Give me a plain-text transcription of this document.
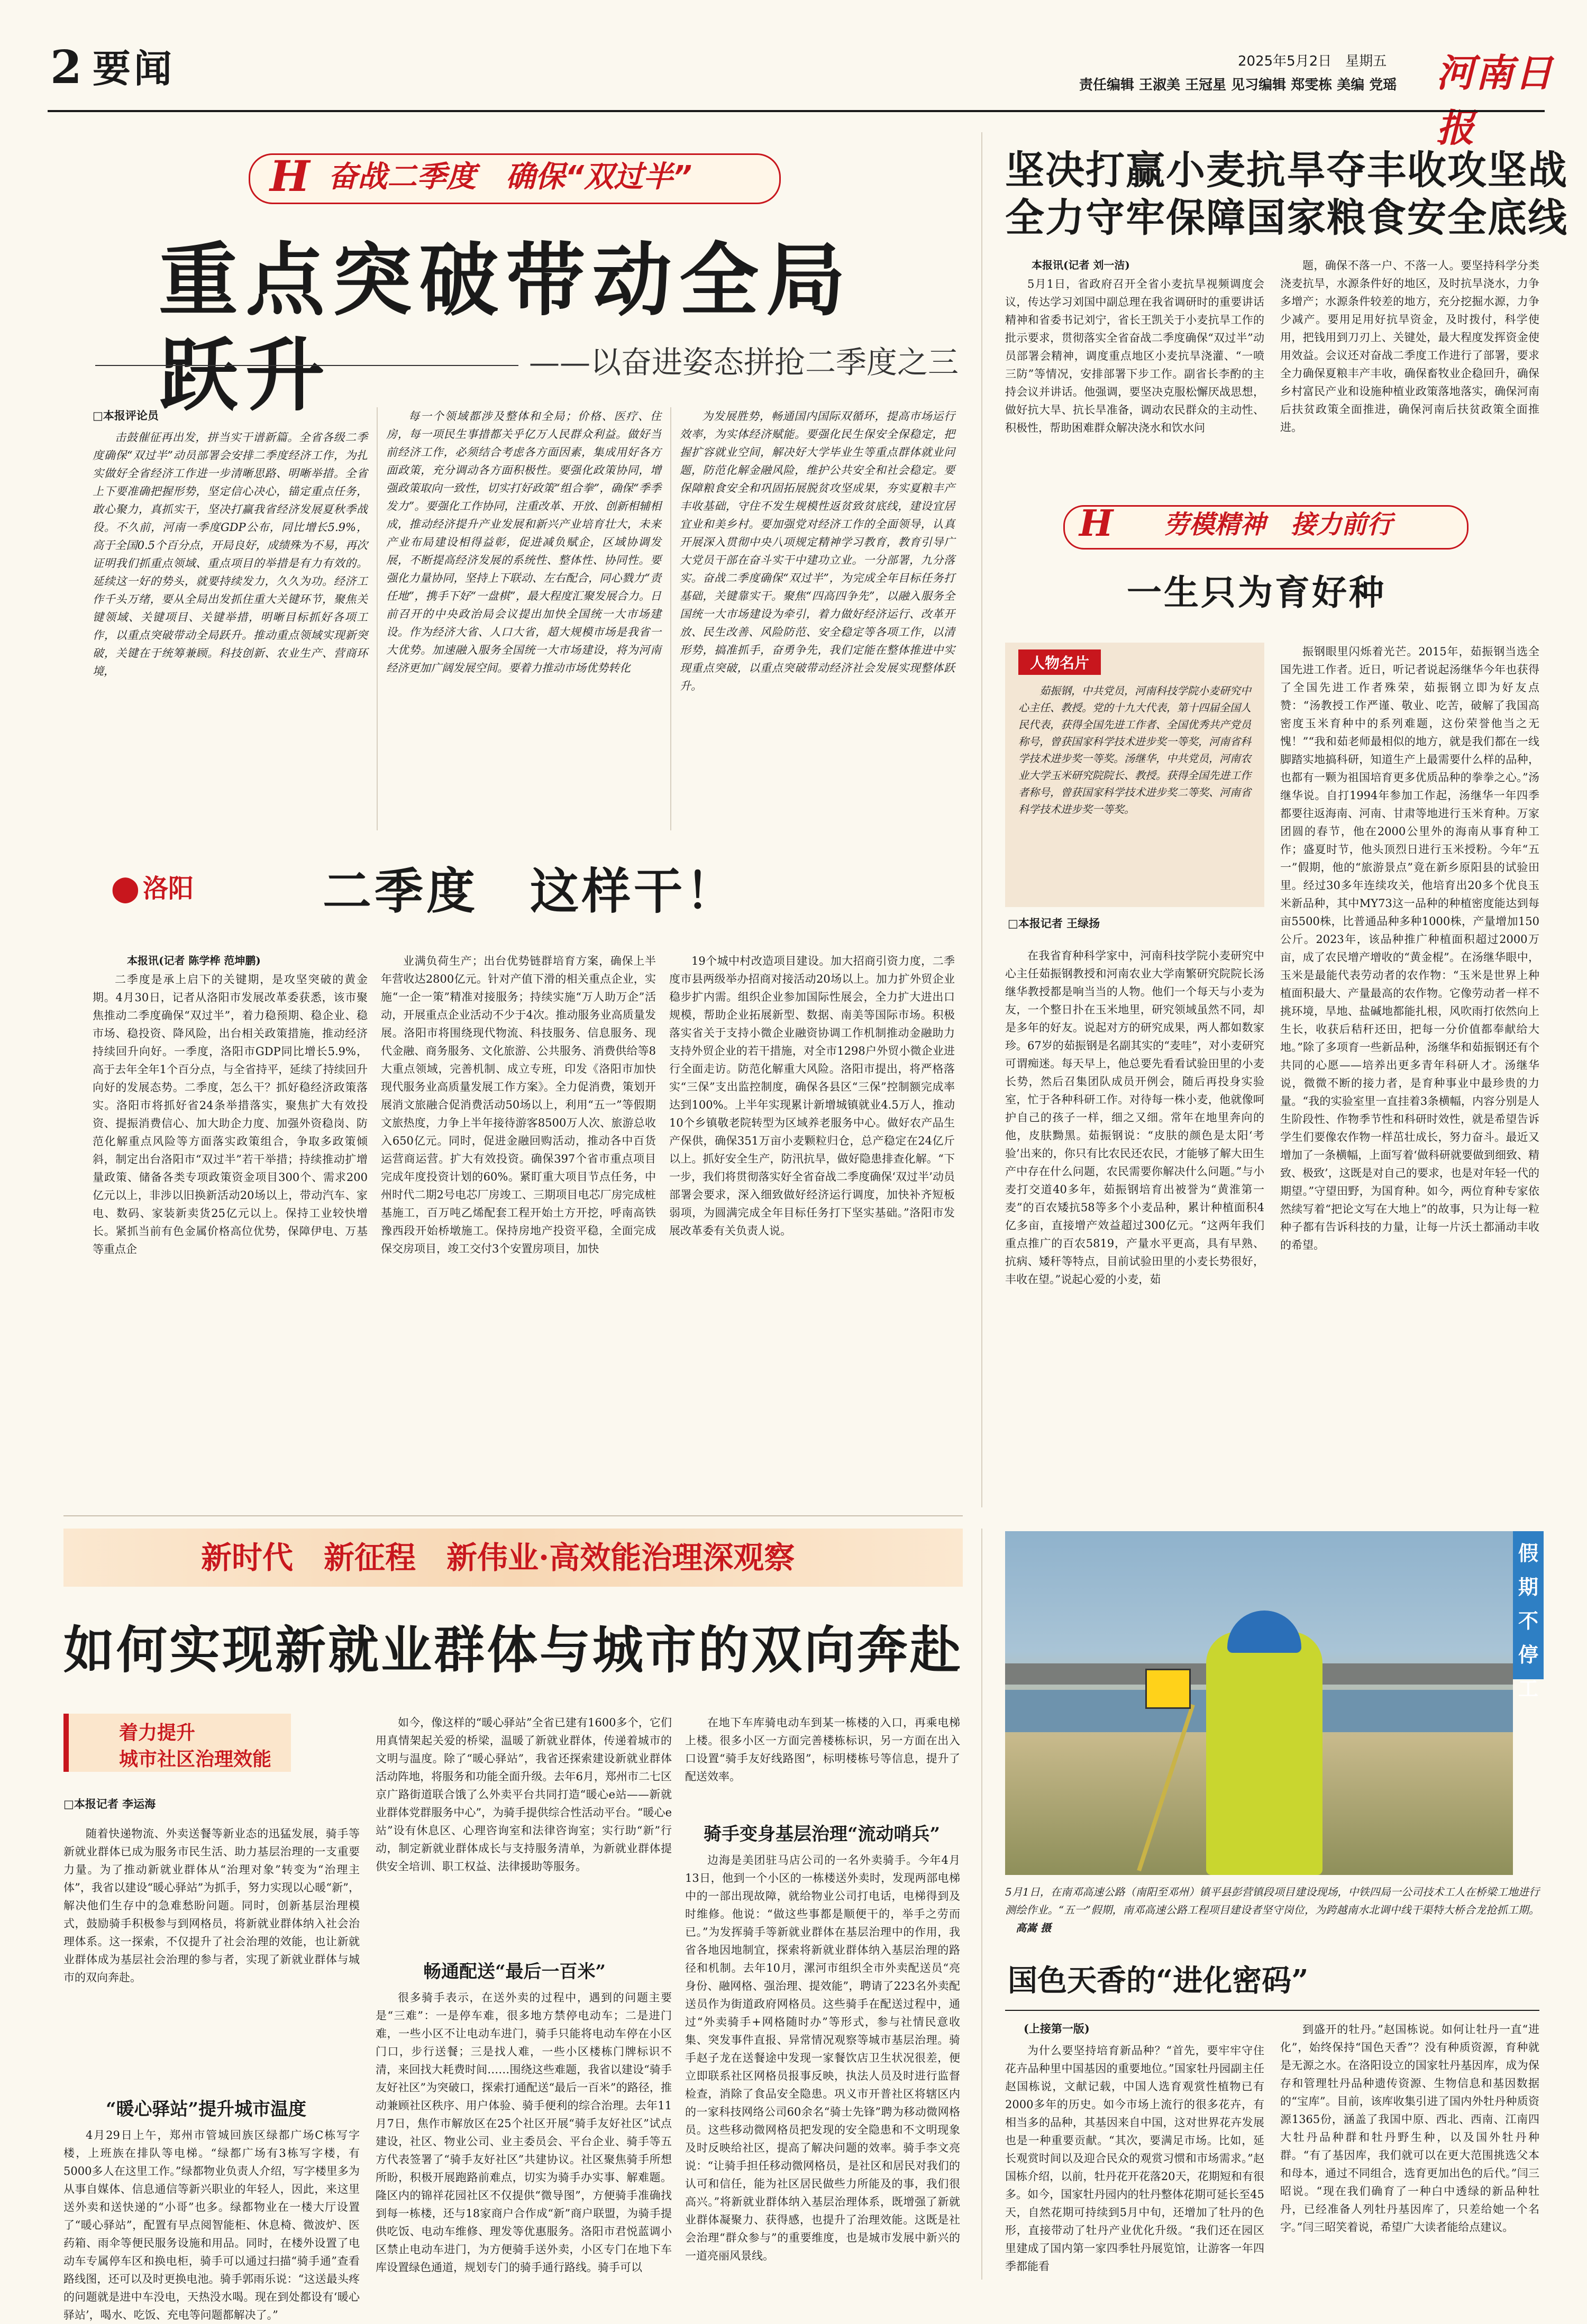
2 要闻	2025年5月2日　星期五
责任编辑 王淑美 王冠星 见习编辑 郑雯栋 美编 党瑶 河南日报
H 奋战二季度　确保“双过半”
重点突破带动全局跃升	——以奋进姿态拼抢二季度之三
□本报评论员
击鼓催征再出发，拼当实干谱新篇。全省各级二季度确保“双过半”动员部署会安排二季度经济工作，为扎实做好全省经济工作进一步清晰思路、明晰举措。全省上下要准确把握形势，坚定信心决心，锚定重点任务，敢心聚力，真抓实干，坚决打赢我省经济发展夏秋季战役。不久前，河南一季度GDP公布，同比增长5.9%，高于全国0.5个百分点，开局良好，成绩殊为不易，再次证明我们抓重点领域、重点项目的举措是有力有效的。延续这一好的势头，就要持续发力，久久为功。经济工作千头万绪，要从全局出发抓住重大关键环节，聚焦关键领域、关键项目、关键举措，明晰目标抓好各项工作，以重点突破带动全局跃升。推动重点领域实现新突破，关键在于统筹兼顾。科技创新、农业生产、营商环境，
每一个领域都涉及整体和全局；价格、医疗、住房，每一项民生事措都关乎亿万人民群众利益。做好当前经济工作，必须结合考虑各方面因素，集成用好各方面政策，充分调动各方面积极性。要强化政策协同，增强政策取向一致性，切实打好政策“组合拳”，确保“季季发力”。要强化工作协同，注重改革、开放、创新相辅相成，推动经济提升产业发展和新兴产业培育壮大，未来产业布局建设相得益彰，促进减负赋企，区域协调发展，不断提高经济发展的系统性、整体性、协同性。要强化力量协同，坚持上下联动、左右配合，同心戮力“责任地”，携手下好“一盘棋”，最大程度汇聚发展合力。日前召开的中央政治局会议提出加快全国统一大市场建设。作为经济大省、人口大省，超大规模市场是我省一大优势。加速融入服务全国统一大市场建设，将为河南经济更加广阔发展空间。要着力推动市场优势转化
为发展胜势，畅通国内国际双循环，提高市场运行效率，为实体经济赋能。要强化民生保安全保稳定，把握扩容就业空间，解决好大学毕业生等重点群体就业问题，防范化解金融风险，维护公共安全和社会稳定。要保障粮食安全和巩固拓展脱贫攻坚成果，夯实夏粮丰产丰收基础，守住不发生规模性返贫致贫底线，建设宜居宜业和美乡村。要加强党对经济工作的全面领导，认真开展深入贯彻中央八项规定精神学习教育，教育引导广大党员干部在奋斗实干中建功立业。一分部署，九分落实。奋战二季度确保“双过半”，为完成全年目标任务打基础，关键靠实干。聚焦“四高四争先”，以融入服务全国统一大市场建设为牵引，着力做好经济运行、改革开放、民生改善、风险防范、安全稳定等各项工作，以清形势，搞准抓手，奋勇争先，我们定能在整体推进中实现重点突破，以重点突破带动经济社会发展实现整体跃升。
⬤ 洛阳	二季度　这样干！
本报讯(记者 陈学桦 范坤鹏)
二季度是承上启下的关键期，是攻坚突破的黄金期。4月30日，记者从洛阳市发展改革委获悉，该市聚焦推动二季度确保“双过半”，着力稳预期、稳企业、稳市场、稳投资、降风险，出台相关政策措施，推动经济持续回升向好。一季度，洛阳市GDP同比增长5.9%，高于去年全年1个百分点，与全省持平，延续了持续回升向好的发展态势。二季度，怎么干？抓好稳经济政策落实。洛阳市将抓好省24条举措落实，聚焦扩大有效投资、提振消费信心、加大助企力度、加强外资稳岗、防范化解重点风险等方面落实政策组合，争取多政策倾斜，制定出台洛阳市“双过半”若干举措；持续推动扩增量政策、储备各类专项政策资金项目300个、需求200亿元以上，非涉以旧换新活动20场以上，带动汽车、家电、数码、家装新卖货25亿元以上。保持工业较快增长。紧抓当前有色金属价格高位优势，保障伊电、万基等重点企
业满负荷生产；出台优势链群培育方案，确保上半年营收达2800亿元。针对产值下滑的相关重点企业，实施“一企一策”精准对接服务；持续实施“万人助万企”活动，开展重点企业活动不少于4次。推动服务业高质量发展。洛阳市将围绕现代物流、科技服务、信息服务、现代金融、商务服务、文化旅游、公共服务、消费供给等8大重点领域，完善机制、成立专班，印发《洛阳市加快现代服务业高质量发展工作方案》。全力促消费，策划开展消文旅融合促消费活动50场以上，利用“五一”等假期文旅热度，力争上半年接待游客8500万人次、旅游总收入650亿元。同时，促进金融回购活动，推动各中百货运营商运营。扩大有效投资。确保397个省市重点项目完成年度投资计划的60%。紧盯重大项目节点任务，中州时代二期2号电芯厂房竣工、三期项目电芯厂房完成桩基施工，百万吨乙烯配套工程开始土方开挖，呼南高铁豫西段开始桥墩施工。保持房地产投资平稳，全面完成保交房项目，竣工交付3个安置房项目，加快
19个城中村改造项目建设。加大招商引资力度，二季度市县两级举办招商对接活动20场以上。加力扩外贸企业稳步扩内需。组织企业参加国际性展会，全力扩大进出口规模，帮助企业拓展新型、数据、南美等国际市场。积极落实省关于支持小微企业融资协调工作机制推动金融助力支持外贸企业的若干措施，对全市1298户外贸小微企业进行全面走访。防范化解重大风险。洛阳市提出，将严格落实“三保”支出监控制度，确保各县区“三保”控制额完成率达到100%。上半年实现累计新增城镇就业4.5万人，推动10个乡镇敬老院转型为区域养老服务中心。做好农产品生产保供，确保351万亩小麦颗粒归仓，总产稳定在24亿斤以上。抓好安全生产，防汛抗旱，做好隐患排查化解。“下一步，我们将贯彻落实好全省奋战二季度确保‘双过半’动员部署会要求，深入细致做好经济运行调度，加快补齐短板弱项，为圆满完成全年目标任务打下坚实基础。”洛阳市发展改革委有关负责人说。
坚决打赢小麦抗旱夺丰收攻坚战
全力守牢保障国家粮食安全底线
本报讯(记者 刘一洁)
5月1日，省政府召开全省小麦抗旱视频调度会议，传达学习刘国中副总理在我省调研时的重要讲话精神和省委书记刘宁，省长王凯关于小麦抗旱工作的批示要求，贯彻落实全省奋战二季度确保“双过半”动员部署会精神，调度重点地区小麦抗旱浇灌、“一喷三防”等情况，安排部署下步工作。副省长李酌的主持会议并讲话。他强调，要坚决克服松懈厌战思想，做好抗大旱、抗长旱准备，调动农民群众的主动性、积极性，帮助困难群众解决浇水和饮水问
题，确保不落一户、不落一人。要坚持科学分类浇麦抗旱，水源条件好的地区，及时抗旱浇水，力争多增产；水源条件较差的地方，充分挖掘水源，力争少减产。要用足用好抗旱资金，及时拨付，科学使用，把钱用到刀刃上、关键处，最大程度发挥资金使用效益。会议还对奋战二季度工作进行了部署，要求全力确保夏粮丰产丰收，确保畜牧业企稳回升，确保乡村富民产业和设施种植业政策落地落实，确保河南后扶贫政策全面推进，确保河南后扶贫政策全面推进。
H 劳模精神　接力前行
一生只为育好种
人物名片
茹振钢，中共党员，河南科技学院小麦研究中心主任、教授。党的十九大代表，第十四届全国人民代表，获得全国先进工作者、全国优秀共产党员称号，曾获国家科学技术进步奖一等奖，河南省科学技术进步奖一等奖。汤继华，中共党员，河南农业大学玉米研究院院长、教授。获得全国先进工作者称号，曾获国家科学技术进步奖二等奖、河南省科学技术进步奖一等奖。
□本报记者 王绿扬
在我省育种科学家中，河南科技学院小麦研究中心主任茹振钢教授和河南农业大学南繁研究院院长汤继华教授都是响当当的人物。他们一个每天与小麦为友，一个整日扑在玉米地里，研究领域虽然不同，却是多年的好友。说起对方的研究成果，两人都如数家珍。67岁的茹振钢是名副其实的“麦哇”，对小麦研究可谓痴迷。每天早上，他总要先看看试验田里的小麦长势，然后召集团队成员开例会，随后再投身实验室，忙于各种科研工作。对待每一株小麦，他就像呵护自己的孩子一样，细之又细。常年在地里奔向的他，皮肤黝黑。茹振钢说：“皮肤的颜色是太阳‘考验’出来的，你只有比农民还农民，才能够了解大田生产中存在什么问题，农民需要你解决什么问题。”与小麦打交道40多年，茹振钢培育出被誉为“黄淮第一麦”的百农矮抗58等多个小麦品种，累计种植面积4亿多亩，直接增产效益超过300亿元。“这两年我们重点推广的百农5819，产量水平更高，具有早熟、抗病、矮秆等特点，目前试验田里的小麦长势很好，丰收在望。”说起心爱的小麦，茹
振钢眼里闪烁着光芒。2015年，茹振钢当选全国先进工作者。近日，听记者说起汤继华今年也获得了全国先进工作者殊荣，茹振钢立即为好友点赞：“汤教授工作严谨、敬业、吃苦，破解了我国高密度玉米育种中的系列难题，这份荣誉他当之无愧！”“我和茹老师最相似的地方，就是我们都在一线脚踏实地搞科研，知道生产上最需要什么样的品种，也都有一颗为祖国培育更多优质品种的拳拳之心。”汤继华说。自打1994年参加工作起，汤继华一年四季都要往返海南、河南、甘肃等地进行玉米育种。万家团圆的春节，他在2000公里外的海南从事育种工作；盛夏时节，他头顶烈日进行玉米授粉。今年“五一”假期，他的“旅游景点”竟在新乡原阳县的试验田里。经过30多年连续攻关，他培育出20多个优良玉米新品种，其中MY73这一品种的种植密度能达到每亩5500株，比普通品种多种1000株，产量增加150公斤。2023年，该品种推广种植面积超过2000万亩，成了农民增产增收的“黄金棍”。在汤继华眼中，玉米是最能代表劳动者的农作物：“玉米是世界上种植面积最大、产量最高的农作物。它像劳动者一样不挑环境，旱地、盐碱地都能扎根，风吹雨打依然向上生长，收获后秸秆还田，把每一分价值都奉献给大地。”除了多项育一些新品种，汤继华和茹振钢还有个共同的心愿——培养出更多青年科研人才。汤继华说，微微不断的接力者，是育种事业中最珍贵的力量。“我的实验室里一直挂着3条横幅，内容分别是人生阶段性、作物季节性和科研时效性，就是希望告诉学生们要像农作物一样茁壮成长，努力奋斗。最近又增加了一条横幅，上面写着‘做科研就要做到细致、精致、极致’，这既是对自己的要求，也是对年轻一代的期望。”守望田野，为国育种。如今，两位育种专家依然续写着“把论文写在大地上”的故事，只为让每一粒种子都有告诉科技的力量，让每一片沃土都涌动丰收的希望。
新时代　新征程　新伟业·高效能治理深观察
如何实现新就业群体与城市的双向奔赴
着力提升
城市社区治理效能
□本报记者 李运海
随着快递物流、外卖送餐等新业态的迅猛发展，骑手等新就业群体已成为服务市民生活、助力基层治理的一支重要力量。为了推动新就业群体从“治理对象”转变为“治理主体”，我省以建设“暖心驿站”为抓手，努力实现以心暖“新”，解决他们生存中的急难愁盼问题。同时，创新基层治理模式，鼓励骑手积极参与到网格员，将新就业群体纳入社会治理体系。这一探索，不仅提升了社会治理的效能，也让新就业群体成为基层社会治理的参与者，实现了新就业群体与城市的双向奔赴。
“暖心驿站”提升城市温度
4月29日上午，郑州市管城回族区绿都广场C栋写字楼，上班族在排队等电梯。“绿都广场有3栋写字楼，有5000多人在这里工作。”绿都物业负责人介绍，写字楼里多为从事自媒体、信息通信等新兴职业的年轻人，因此，来这里送外卖和送快递的“小哥”也多。绿都物业在一楼大厅设置了“暖心驿站”，配置有早点阅智能柜、休息椅、微波炉、医药箱、雨伞等便民服务设施和用品。同时，在楼外设置了电动车专属停车区和换电柜，骑手可以通过扫描“骑手通”查看路线图，还可以及时更换电池。骑手郭雨乐说：“这送最头疼的问题就是进中车没电，天热没水喝。现在到处都设有‘暖心驿站’，喝水、吃饭、充电等问题都解决了。”
如今，像这样的“暖心驿站”全省已建有1600多个，它们用真情架起关爱的桥梁，温暖了新就业群体，传递着城市的文明与温度。除了“暖心驿站”，我省还探索建设新就业群体活动阵地，将服务和功能全面升级。去年6月，郑州市二七区京广路街道联合饿了么外卖平台共同打造“暖心e站——新就业群体党群服务中心”，为骑手提供综合性活动平台。“暖心e站”设有休息区、心理咨询室和法律咨询室；实行助“新”行动，制定新就业群体成长与支持服务清单，为新就业群体提供安全培训、职工权益、法律援助等服务。
畅通配送“最后一百米”
很多骑手表示，在送外卖的过程中，遇到的问题主要是“三难”：一是停车难，很多地方禁停电动车；二是进门难，一些小区不让电动车进门，骑手只能将电动车停在小区门口，步行送餐；三是找人难，一些小区楼栋门牌标识不清，来回找大耗费时间……围绕这些难题，我省以建设“骑手友好社区”为突破口，探索打通配送“最后一百米”的路径，推动兼顾社区秩序、用户体验、骑手便利的综合治理。去年11月7日，焦作市解放区在25个社区开展“骑手友好社区”试点建设，社区、物业公司、业主委员会、平台企业、骑手等五方代表签署了“骑手友好社区”共建协议。社区聚焦骑手所想所盼，积极开展跑路前难点，切实为骑手办实事、解难题。隆区内的锦祥花园社区不仅提供“微导图”，方便骑手准确找到每一栋楼，还与18家商户合作成“新”商户联盟，为骑手提供吃饭、电动车维修、理发等优惠服务。洛阳市君悦蓝调小区禁止电动车进门，为方便骑手送外卖，小区专门在地下车库设置绿色通道，规划专门的骑手通行路线。骑手可以
在地下车库骑电动车到某一栋楼的入口，再乘电梯上楼。很多小区一方面完善楼栋标识，另一方面在出入口设置“骑手友好线路图”，标明楼栋号等信息，提升了配送效率。
骑手变身基层治理“流动哨兵”
边海是美团驻马店公司的一名外卖骑手。今年4月13日，他到一个小区的一栋楼送外卖时，发现两部电梯中的一部出现故障，就给物业公司打电话，电梯得到及时维修。他说：“做这些事都是顺便干的，举手之劳而已。”为发挥骑手等新就业群体在基层治理中的作用，我省各地因地制宜，探索将新就业群体纳入基层治理的路径和机制。去年10月，漯河市组织全市外卖配送员“亮身份、融网格、强治理、提效能”，聘请了223名外卖配送员作为街道政府网格员。这些骑手在配送过程中，通过“外卖骑手+网格随时办”等形式，参与社情民意收集、突发事件直报、异常情况观察等城市基层治理。骑手赵子龙在送餐途中发现一家餐饮店卫生状况很差，便立即联系社区网格员报事反映，执法人员及时进行监督检查，消除了食品安全隐患。巩义市开普社区将辖区内的一家科技网络公司60余名“骑士先锋”聘为移动微网格员。这些移动微网格员把发现的安全隐患和不文明现象及时反映给社区，提高了解决问题的效率。骑手李文亮说：“让骑手担任移动微网格员，是社区和居民对我们的认可和信任，能为社区居民做些力所能及的事，我们很高兴。”将新就业群体纳入基层治理体系，既增强了新就业群体凝聚力、获得感，也提升了治理效能。这既是社会治理“群众参与”的重要维度，也是城市发展中新兴的一道亮丽风景线。
假期不停工
5月1日，在南邓高速公路（南阳至邓州）镇平县彭营镇段项目建设现场，中铁四局一公司技术工人在桥梁工地进行测绘作业。“五一”假期，南邓高速公路工程项目建设者坚守岗位，为跨越南水北调中线干渠特大桥合龙抢抓工期。高嵩 摄
国色天香的“进化密码”
(上接第一版)
为什么要坚持培育新品种？“首先，要牢牢守住花卉品种里中国基因的重要地位。”国家牡丹园副主任赵国栋说，文献记载，中国人选育观赏性植物已有2000多年的历史。如今市场上流行的很多花卉，有相当多的品种，其基因来自中国，这对世界花卉发展也是一种重要贡献。“其次，要满足市场。比如，延长观赏时间以及迎合民众的观赏习惯和市场需求。”赵国栋介绍，以前，牡丹花开花落20天，花期短和有很多。如今，国家牡丹园内的牡丹整体花期可延长至45天，自然花期可持续到5月中旬，还增加了牡丹的色形，直接带动了牡丹产业优化升级。“我们还在园区里建成了国内第一家四季牡丹展览馆，让游客一年四季都能看
到盛开的牡丹。”赵国栋说。如何让牡丹一直“进化”，始终保持“国色天香”？没有种质资源，育种就是无源之水。在洛阳设立的国家牡丹基因库，成为保存和管理牡丹品种遗传资源、生物信息和基因数据的“宝库”。目前，该库收集引进了国内外牡丹种质资源1365份，涵盖了我国中原、西北、西南、江南四大牡丹品种群和牡丹野生种，以及国外牡丹种群。“有了基因库，我们就可以在更大范围挑选父本和母本，通过不同组合，选育更加出色的后代。”闫三昭说。“现在我们确育了一种白中透绿的新品种牡丹，已经准备人列牡丹基因库了，只差给她一个名字。”闫三昭笑着说，希望广大读者能给点建议。
